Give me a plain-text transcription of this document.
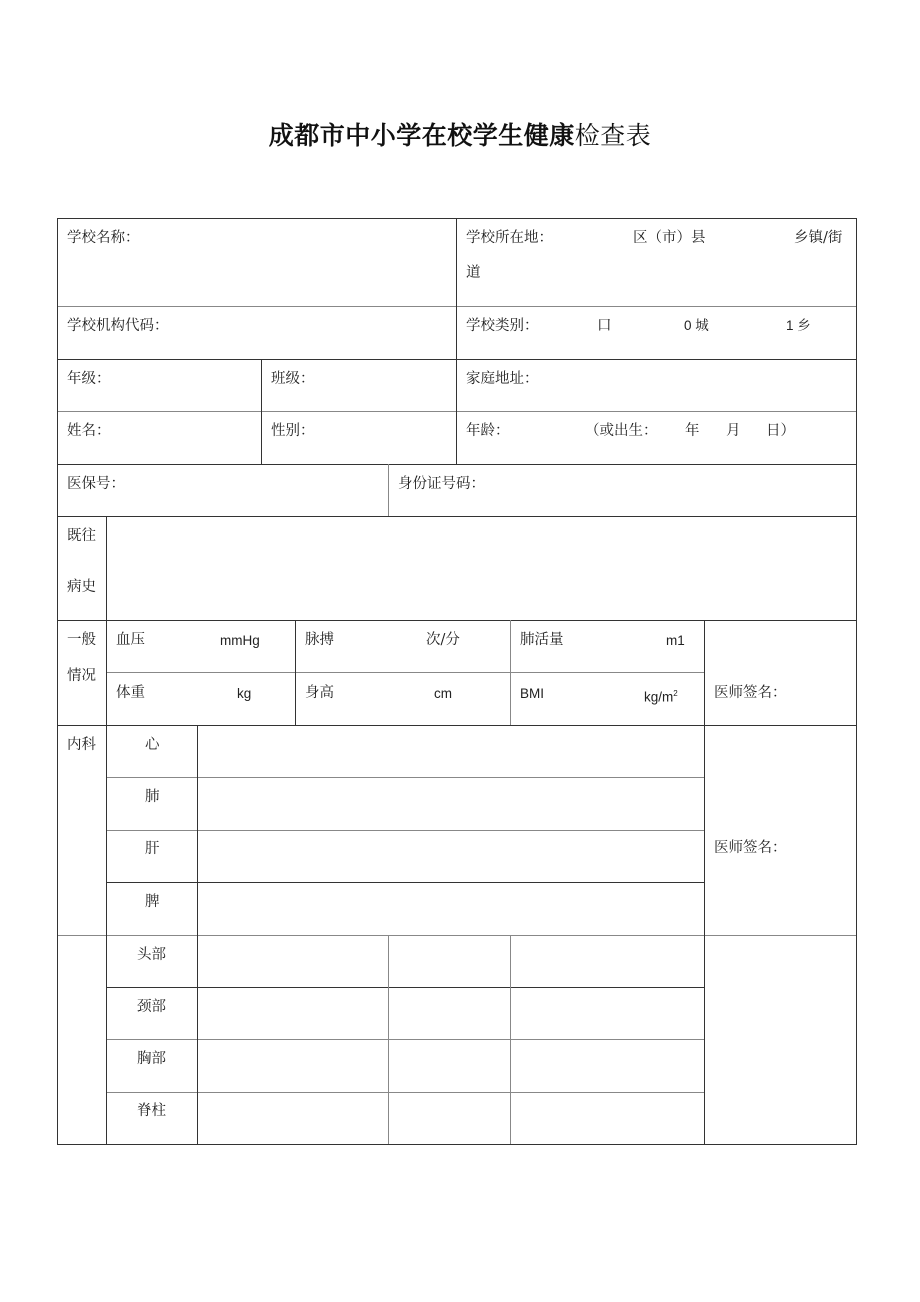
成都市中小学在校学生健康检查表
学校名称：	学校所在地：	区（市）县	乡镇/街
道
学校机构代码：	学校类别：	口	0 城	1 乡
年级：	班级：	家庭地址：
姓名：	性别：	年龄：	（或出生： 年 月 日）
医保号：	身份证号码：
既往
病史
一般
情况
血压	mmHg	脉搏	次/分	肺活量	m1
体重	kg	身高	cm	BMI	$kg/m^2$	医师签名：
内科	心
肺
肝
脾
医师签名：
头部
颈部
胸部
脊柱
